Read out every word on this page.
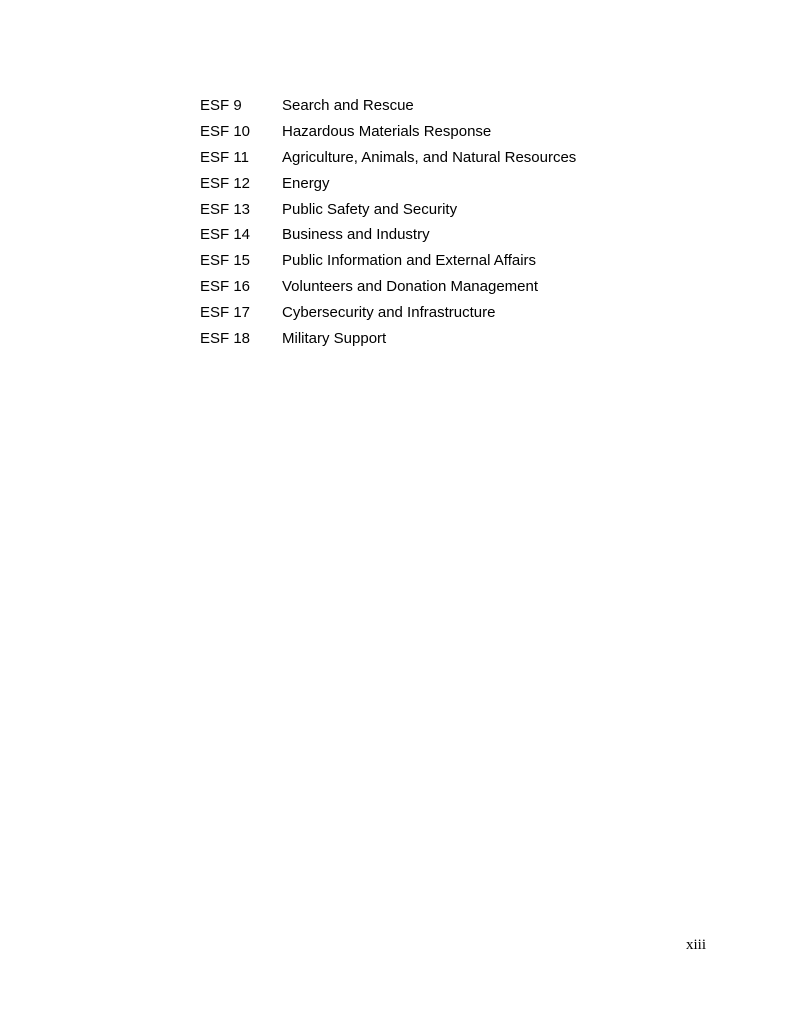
ESF 9	Search and Rescue
ESF 10	Hazardous Materials Response
ESF 11	Agriculture, Animals, and Natural Resources
ESF 12	Energy
ESF 13	Public Safety and Security
ESF 14	Business and Industry
ESF 15	Public Information and External Affairs
ESF 16	Volunteers and Donation Management
ESF 17	Cybersecurity and Infrastructure
ESF 18	Military Support
xiii
